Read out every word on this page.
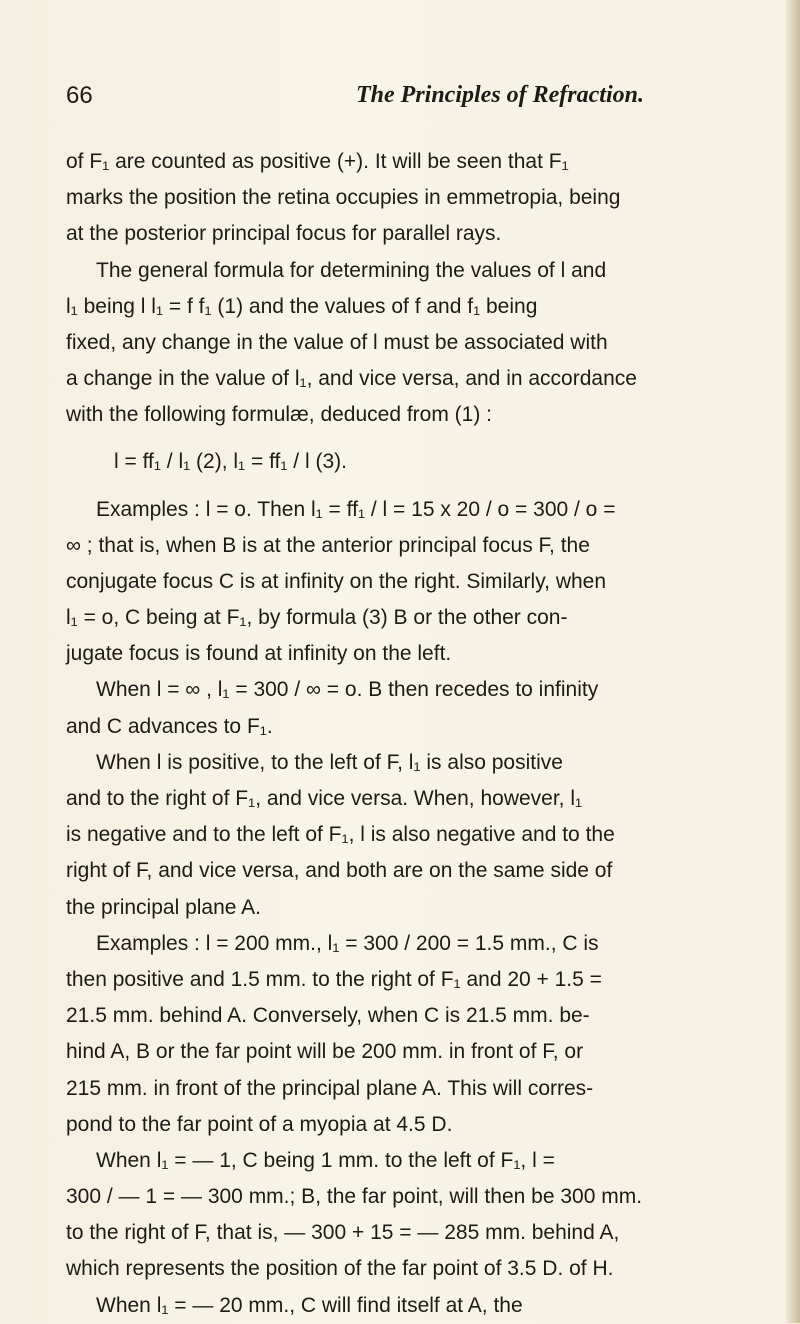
66	The Principles of Refraction.
of F₁ are counted as positive (+). It will be seen that F₁
marks the position the retina occupies in emmetropia, being
at the posterior principal focus for parallel rays.
The general formula for determining the values of l and
l₁ being l l₁ = f f₁ (1) and the values of f and f₁ being
fixed, any change in the value of l must be associated with
a change in the value of l₁, and vice versa, and in accordance
with the following formulæ, deduced from (1) :
l = ff₁ / l₁ (2), l₁ = ff₁ / l (3).
Examples : l = o. Then l₁ = ff₁ / l = 15 x 20 / o = 300 / o =
∞ ; that is, when B is at the anterior principal focus F, the
conjugate focus C is at infinity on the right. Similarly, when
l₁ = o, C being at F₁, by formula (3) B or the other con-
jugate focus is found at infinity on the left.
When l = ∞ , l₁ = 300 / ∞ = o. B then recedes to infinity
and C advances to F₁.
When l is positive, to the left of F, l₁ is also positive
and to the right of F₁, and vice versa. When, however, l₁
is negative and to the left of F₁, l is also negative and to the
right of F, and vice versa, and both are on the same side of
the principal plane A.
Examples : l = 200 mm., l₁ = 300 / 200 = 1.5 mm., C is
then positive and 1.5 mm. to the right of F₁ and 20 + 1.5 =
21.5 mm. behind A. Conversely, when C is 21.5 mm. be-
hind A, B or the far point will be 200 mm. in front of F, or
215 mm. in front of the principal plane A. This will corres-
pond to the far point of a myopia at 4.5 D.
When l₁ = — 1, C being 1 mm. to the left of F₁, l =
300 / — 1 = — 300 mm.; B, the far point, will then be 300 mm.
to the right of F, that is, — 300 + 15 = — 285 mm. behind A,
which represents the position of the far point of 3.5 D. of H.
When l₁ = — 20 mm., C will find itself at A, the
